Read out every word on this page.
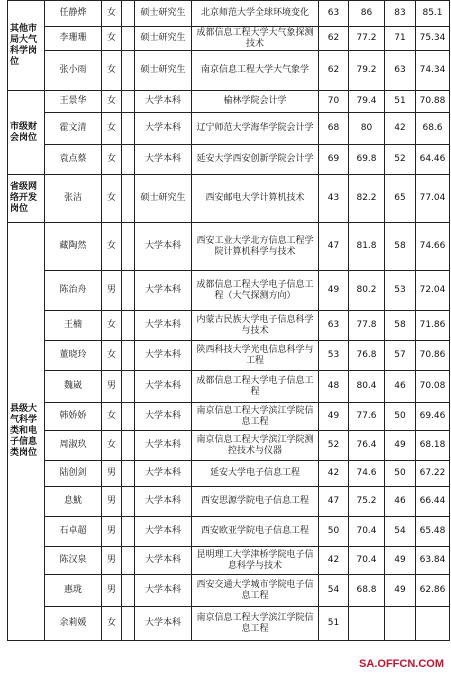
其他市局大气科学岗位	任静烨	女		硕士研究生	北京师范大学全球环境变化	63	86	83	85.1
	李珊珊	女		硕士研究生	成都信息工程大学大气象探测技术	62	77.2	71	75.34
	张小雨	女		硕士研究生	南京信息工程大学大气象学	62	79.2	63	74.34
市级财会岗位	王景华	女		大学本科	榆林学院会计学	70	79.4	51	70.88
	霍文清	女		大学本科	辽宁师范大学海华学院会计学	68	80	42	68.6
	袁点蔡	女		大学本科	延安大学西安创新学院会计学	69	69.8	52	64.46
省级网络开发岗位	张洁	女		硕士研究生	西安邮电大学计算机技术	43	82.2	65	77.04
县级大气科学类和电子信息类岗位	藏陶然	女		大学本科	西安工业大学北方信息工程学院计算机科学与技术	47	81.8	58	74.66
	陈治舟	男		大学本科	成都信息工程大学电子信息工程（大气探测方向）	49	80.2	53	72.04
	王楠	女		大学本科	内蒙古民族大学电子信息科学与技术	63	77.8	58	71.86
	董晓玲	女		大学本科	陕西科技大学光电信息科学与工程	53	76.8	57	70.86
	魏崴	男		大学本科	成都信息工程大学电子信息工程	48	80.4	46	70.08
	韩娇娇	女		大学本科	南京信息工程大学滨江学院信息工程	49	77.6	50	69.46
	周淑玖	女		大学本科	南京信息工程大学滨江学院测控技术与仪器	52	76.4	49	68.18
	陆创剑	男		大学本科	延安大学电子信息工程	42	74.6	50	67.22
	息魷	男		大学本科	西安思源学院电子信息工程	47	75.2	46	66.44
	石卓超	男		大学本科	西安欧亚学院电子信息工程	50	70.4	54	65.48
	陈汉泉	男		大学本科	昆明理工大学津桥学院电子信息科学与技术	42	70.4	49	63.84
	惠珑	男		大学本科	西安交通大学城市学院电子信息工程	54	68.8	49	62.86
	余莉媛	女		大学本科	南京信息工程大学滨江学院信息工程	51			
SA.OFFCN.COM
